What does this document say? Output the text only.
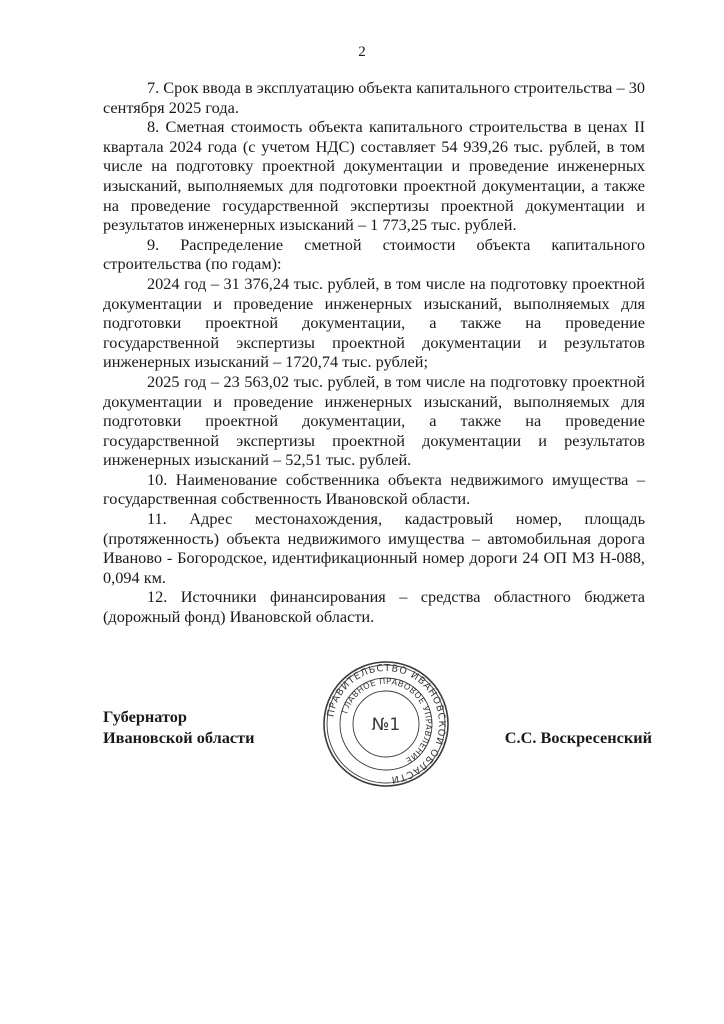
2

7. Срок ввода в эксплуатацию объекта капитального строительства – 30 сентября 2025 года.

8. Сметная стоимость объекта капитального строительства в ценах II квартала 2024 года (с учетом НДС) составляет 54 939,26 тыс. рублей, в том числе на подготовку проектной документации и проведение инженерных изысканий, выполняемых для подготовки проектной документации, а также на проведение государственной экспертизы проектной документации и результатов инженерных изысканий – 1 773,25 тыс. рублей.

9. Распределение сметной стоимости объекта капитального строительства (по годам):

2024 год – 31 376,24 тыс. рублей, в том числе на подготовку проектной документации и проведение инженерных изысканий, выполняемых для подготовки проектной документации, а также на проведение государственной экспертизы проектной документации и результатов инженерных изысканий – 1720,74 тыс. рублей;

2025 год – 23 563,02 тыс. рублей, в том числе на подготовку проектной документации и проведение инженерных изысканий, выполняемых для подготовки проектной документации, а также на проведение государственной экспертизы проектной документации и результатов инженерных изысканий – 52,51 тыс. рублей.

10. Наименование собственника объекта недвижимого имущества – государственная собственность Ивановской области.

11. Адрес местонахождения, кадастровый номер, площадь (протяженность) объекта недвижимого имущества – автомобильная дорога Иваново - Богородское, идентификационный номер дороги 24 ОП МЗ Н-088, 0,094 км.

12. Источники финансирования – средства областного бюджета (дорожный фонд) Ивановской области.

Губернатор
Ивановской области
ПРАВИТЕЛЬСТВО ИВАНОВСКОЙ ОБЛАСТИ
ГЛАВНОЕ ПРАВОВОЕ УПРАВЛЕНИЕ
№1
С.С. Воскресенский
